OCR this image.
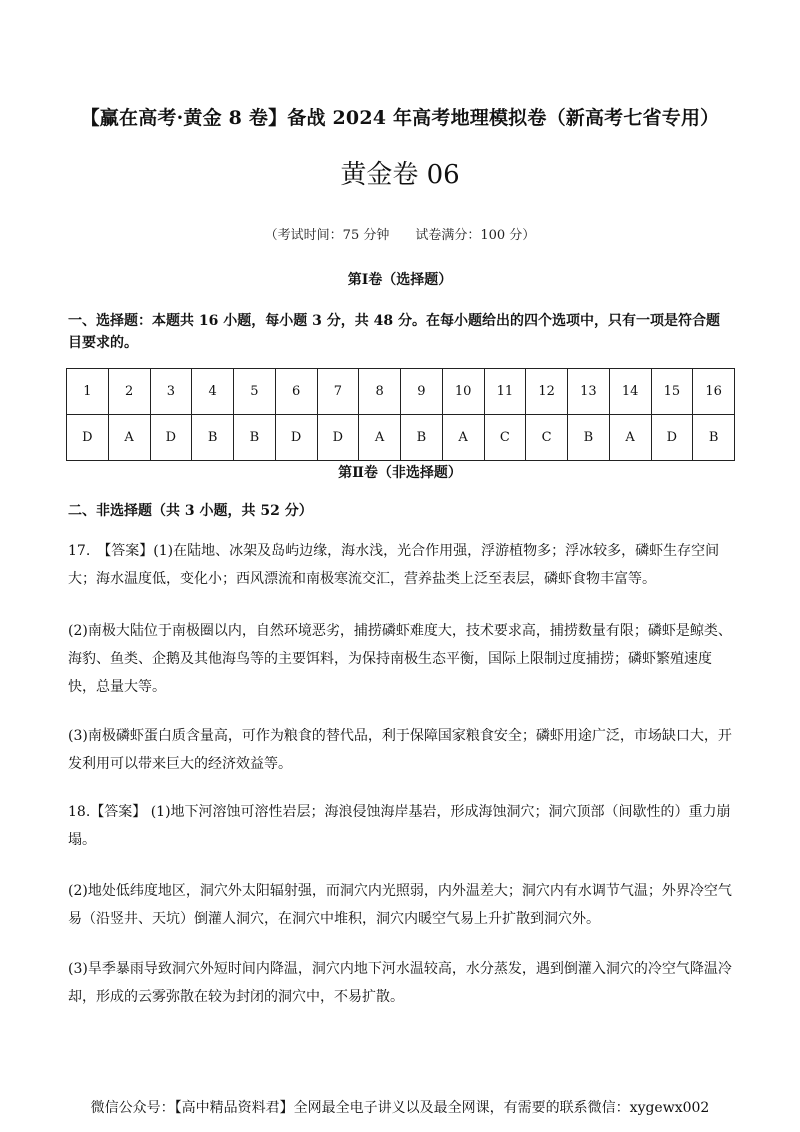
【赢在高考·黄金 8 卷】备战 2024 年高考地理模拟卷（新高考七省专用）
黄金卷 06
（考试时间：75 分钟 试卷满分：100 分）
第Ⅰ卷（选择题）
一、选择题：本题共 16 小题，每小题 3 分，共 48 分。在每小题给出的四个选项中，只有一项是符合题目要求的。
1	2	3	4	5	6	7	8	9	10	11	12	13	14	15	16
D	A	D	B	B	D	D	A	B	A	C	C	B	A	D	B
第Ⅱ卷（非选择题）
二、非选择题（共 3 小题，共 52 分）
17.　【答案】(1)在陆地、冰架及岛屿边缘，海水浅，光合作用强，浮游植物多；浮冰较多，磷虾生存空间大；海水温度低，变化小；西风漂流和南极寒流交汇，营养盐类上泛至表层，磷虾食物丰富等。
(2)南极大陆位于南极圈以内，自然环境恶劣，捕捞磷虾难度大，技术要求高，捕捞数量有限；磷虾是鲸类、海豹、鱼类、企鹅及其他海鸟等的主要饵料，为保持南极生态平衡，国际上限制过度捕捞；磷虾繁殖速度快，总量大等。
(3)南极磷虾蛋白质含量高，可作为粮食的替代品，利于保障国家粮食安全；磷虾用途广泛，市场缺口大，开发利用可以带来巨大的经济效益等。
18.【答案】 (1)地下河溶蚀可溶性岩层；海浪侵蚀海岸基岩，形成海蚀洞穴；洞穴顶部（间歇性的）重力崩塌。
(2)地处低纬度地区，洞穴外太阳辐射强，而洞穴内光照弱，内外温差大；洞穴内有水调节气温；外界冷空气易（沿竖井、天坑）倒灌人洞穴，在洞穴中堆积，洞穴内暖空气易上升扩散到洞穴外。
(3)旱季暴雨导致洞穴外短时间内降温，洞穴内地下河水温较高，水分蒸发，遇到倒灌入洞穴的冷空气降温冷却，形成的云雾弥散在较为封闭的洞穴中，不易扩散。
微信公众号：【高中精品资料君】全网最全电子讲义以及最全网课，有需要的联系微信：xygewx002
